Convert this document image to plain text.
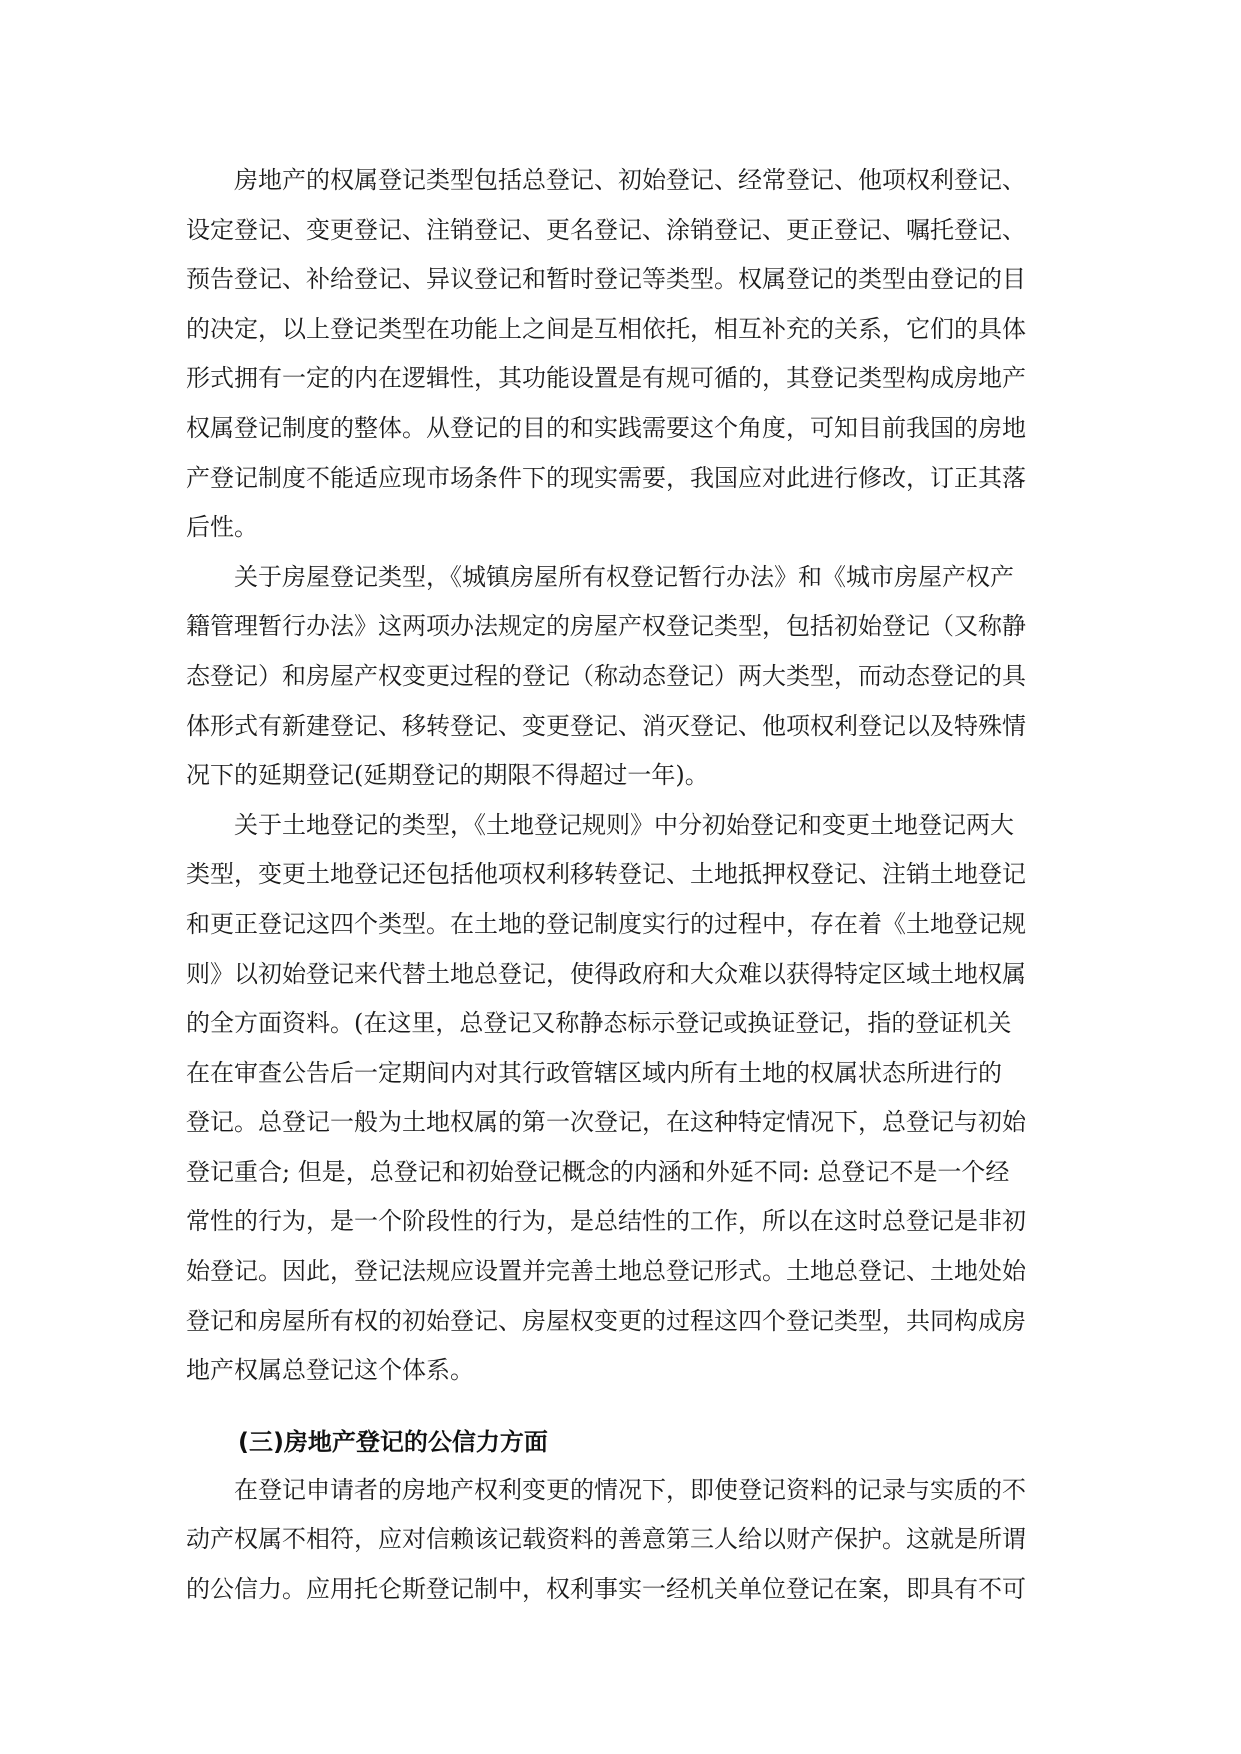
房地产的权属登记类型包括总登记、初始登记、经常登记、他项权利登记、
设定登记、变更登记、注销登记、更名登记、涂销登记、更正登记、嘱托登记、
预告登记、补给登记、异议登记和暂时登记等类型。权属登记的类型由登记的目
的决定，以上登记类型在功能上之间是互相依托，相互补充的关系，它们的具体
形式拥有一定的内在逻辑性，其功能设置是有规可循的，其登记类型构成房地产
权属登记制度的整体。从登记的目的和实践需要这个角度，可知目前我国的房地
产登记制度不能适应现市场条件下的现实需要，我国应对此进行修改，订正其落
后性。

关于房屋登记类型，《城镇房屋所有权登记暂行办法》和《城市房屋产权产
籍管理暂行办法》这两项办法规定的房屋产权登记类型，包括初始登记（又称静
态登记）和房屋产权变更过程的登记（称动态登记）两大类型，而动态登记的具
体形式有新建登记、移转登记、变更登记、消灭登记、他项权利登记以及特殊情
况下的延期登记(延期登记的期限不得超过一年)。

关于土地登记的类型，《土地登记规则》中分初始登记和变更土地登记两大
类型，变更土地登记还包括他项权利移转登记、土地抵押权登记、注销土地登记
和更正登记这四个类型。在土地的登记制度实行的过程中，存在着《土地登记规
则》以初始登记来代替土地总登记，使得政府和大众难以获得特定区域土地权属
的全方面资料。(在这里，总登记又称静态标示登记或换证登记，指的登证机关
在在审查公告后一定期间内对其行政管辖区域内所有土地的权属状态所进行的
登记。总登记一般为土地权属的第一次登记，在这种特定情况下，总登记与初始
登记重合; 但是，总登记和初始登记概念的内涵和外延不同: 总登记不是一个经
常性的行为，是一个阶段性的行为，是总结性的工作，所以在这时总登记是非初
始登记。因此，登记法规应设置并完善土地总登记形式。土地总登记、土地处始
登记和房屋所有权的初始登记、房屋权变更的过程这四个登记类型，共同构成房
地产权属总登记这个体系。

(三)房地产登记的公信力方面

在登记申请者的房地产权利变更的情况下，即使登记资料的记录与实质的不
动产权属不相符，应对信赖该记载资料的善意第三人给以财产保护。这就是所谓
的公信力。应用托仑斯登记制中，权利事实一经机关单位登记在案，即具有不可
